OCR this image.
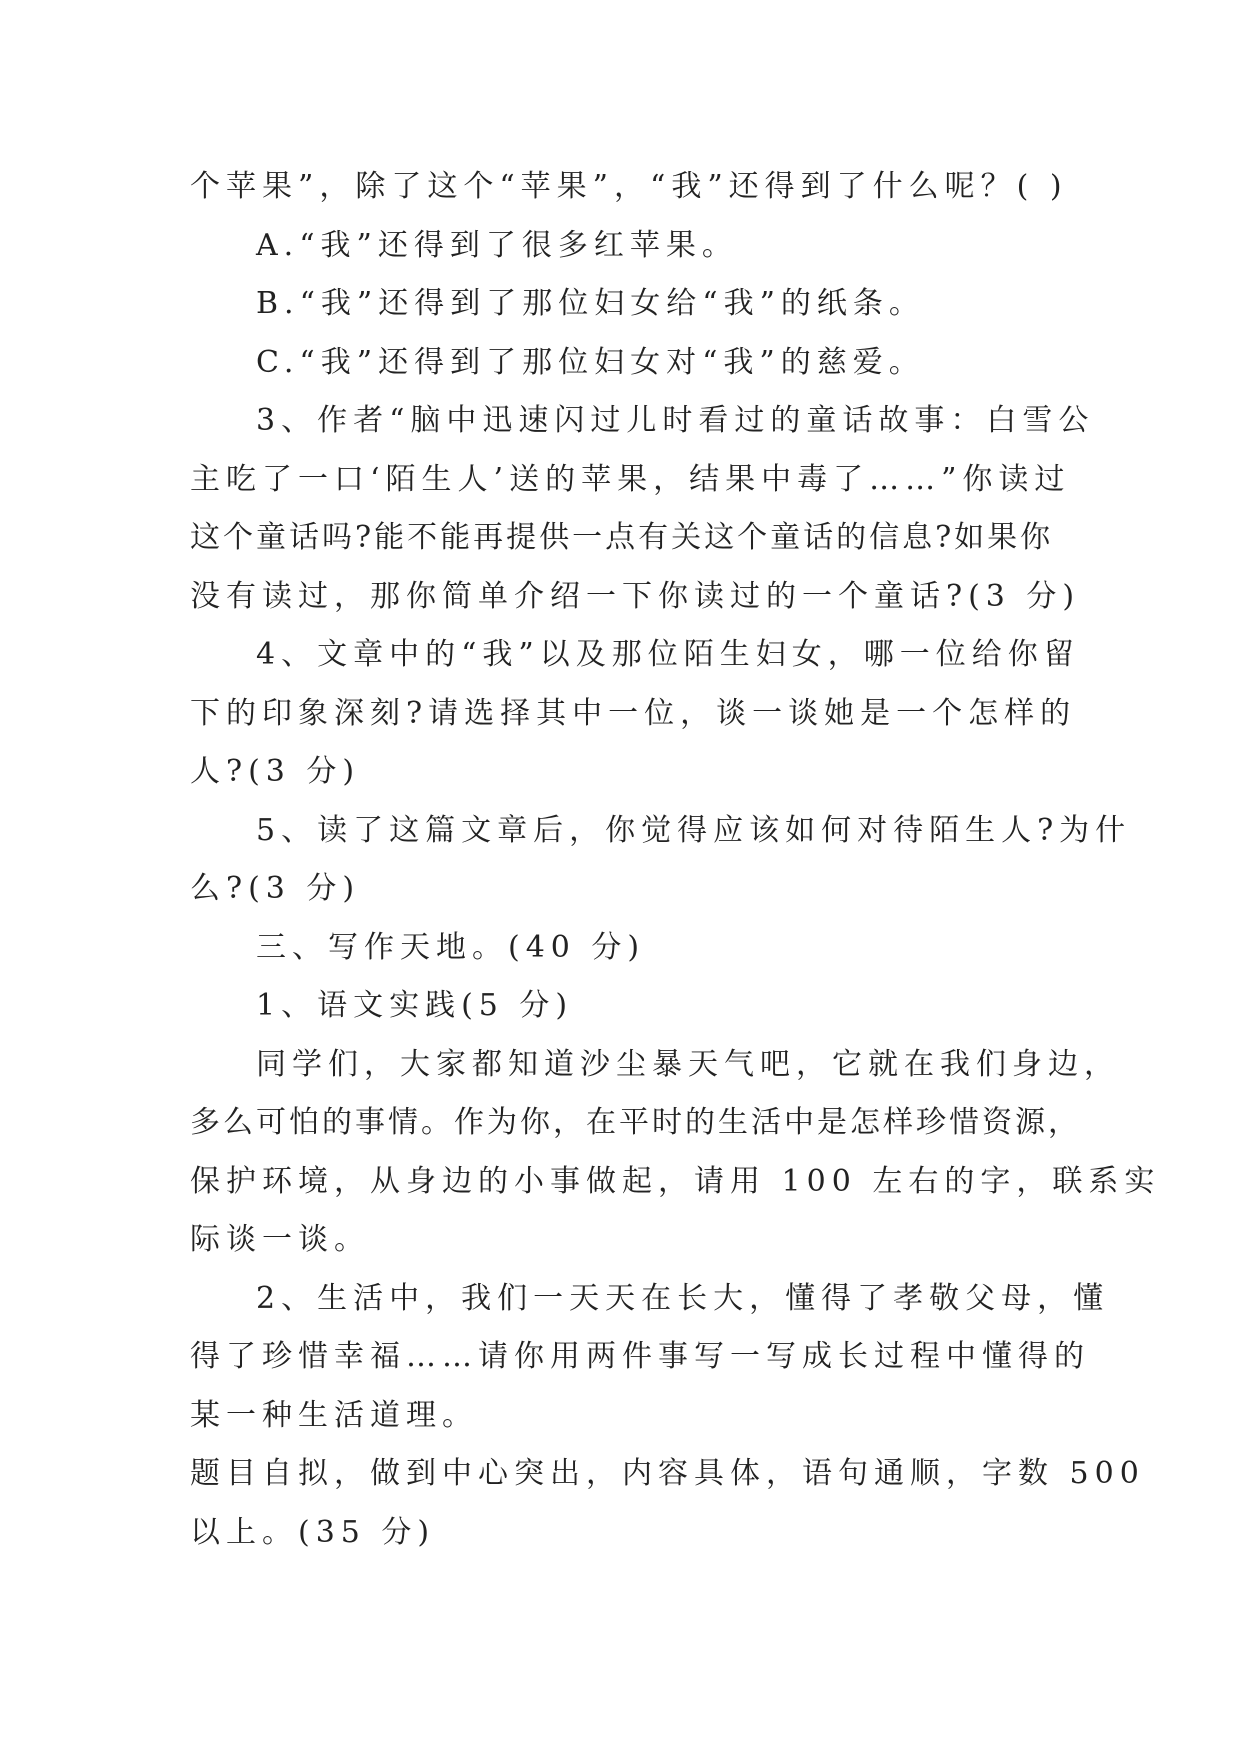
个苹果”，除了这个“苹果”，“我”还得到了什么呢？( )
A.“我”还得到了很多红苹果。
B.“我”还得到了那位妇女给“我”的纸条。
C.“我”还得到了那位妇女对“我”的慈爱。
3、作者“脑中迅速闪过儿时看过的童话故事：白雪公
主吃了一口‘陌生人’送的苹果，结果中毒了……”你读过
这个童话吗?能不能再提供一点有关这个童话的信息?如果你
没有读过，那你简单介绍一下你读过的一个童话?(3 分)
4、文章中的“我”以及那位陌生妇女，哪一位给你留
下的印象深刻?请选择其中一位，谈一谈她是一个怎样的
人?(3 分)
5、读了这篇文章后，你觉得应该如何对待陌生人?为什
么?(3 分)
三、写作天地。(40 分)
1、语文实践(5 分)
同学们，大家都知道沙尘暴天气吧，它就在我们身边，
多么可怕的事情。作为你，在平时的生活中是怎样珍惜资源，
保护环境，从身边的小事做起，请用 100 左右的字，联系实
际谈一谈。
2、生活中，我们一天天在长大，懂得了孝敬父母，懂
得了珍惜幸福……请你用两件事写一写成长过程中懂得的
某一种生活道理。
题目自拟，做到中心突出，内容具体，语句通顺，字数 500
以上。(35 分)
